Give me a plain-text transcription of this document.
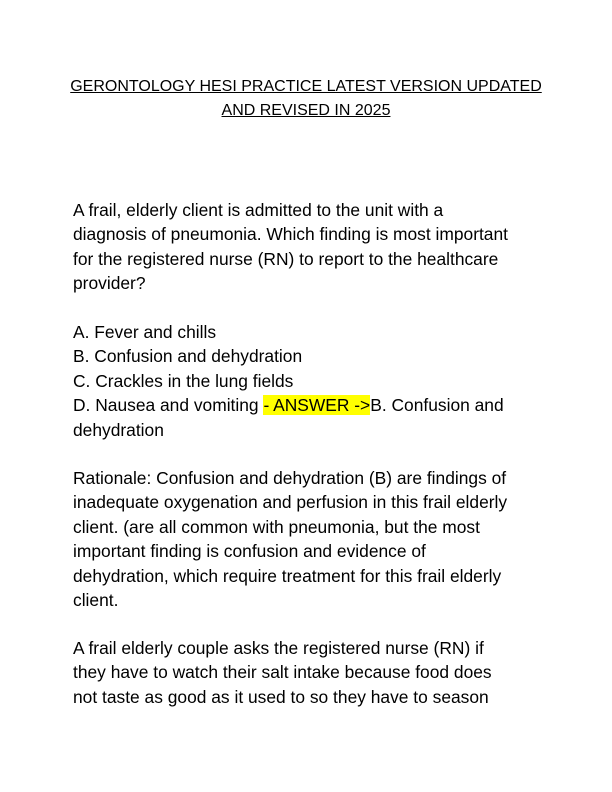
GERONTOLOGY HESI PRACTICE LATEST VERSION UPDATED
AND REVISED IN 2025
A frail, elderly client is admitted to the unit with a
diagnosis of pneumonia. Which finding is most important
for the registered nurse (RN) to report to the healthcare
provider?
A. Fever and chills
B. Confusion and dehydration
C. Crackles in the lung fields
D. Nausea and vomiting - ANSWER ->B. Confusion and
dehydration
Rationale: Confusion and dehydration (B) are findings of
inadequate oxygenation and perfusion in this frail elderly
client. (are all common with pneumonia, but the most
important finding is confusion and evidence of
dehydration, which require treatment for this frail elderly
client.
A frail elderly couple asks the registered nurse (RN) if
they have to watch their salt intake because food does
not taste as good as it used to so they have to season
